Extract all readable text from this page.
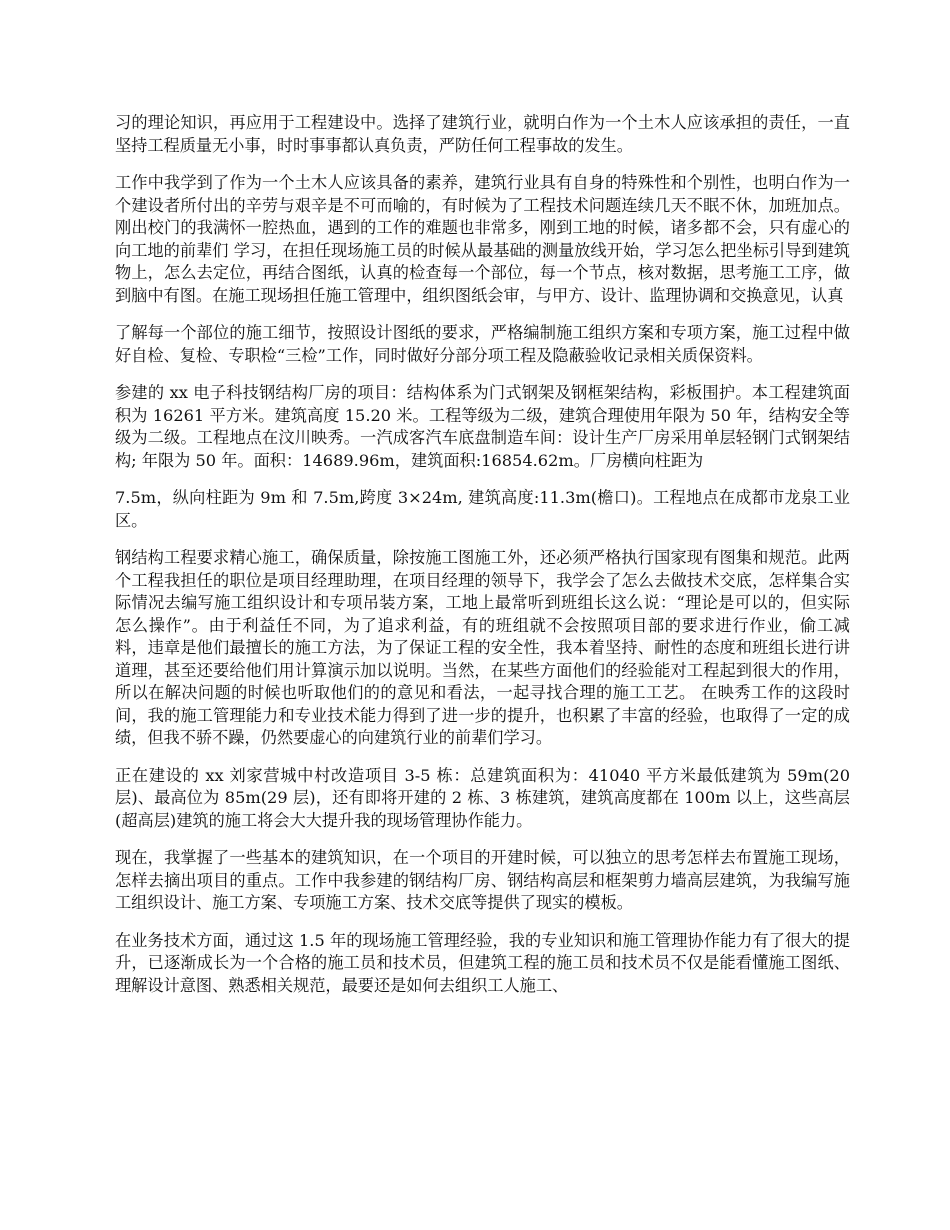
习的理论知识，再应用于工程建设中。选择了建筑行业，就明白作为一个土木人应该承担的责任，一直坚持工程质量无小事，时时事事都认真负责，严防任何工程事故的发生。

工作中我学到了作为一个土木人应该具备的素养，建筑行业具有自身的特殊性和个别性，也明白作为一个建设者所付出的辛劳与艰辛是不可而喻的，有时候为了工程技术问题连续几天不眠不休，加班加点。刚出校门的我满怀一腔热血，遇到的工作的难题也非常多，刚到工地的时候，诸多都不会，只有虚心的向工地的前辈们 学习，在担任现场施工员的时候从最基础的测量放线开始，学习怎么把坐标引导到建筑物上，怎么去定位，再结合图纸，认真的检查每一个部位，每一个节点，核对数据，思考施工工序，做到脑中有图。在施工现场担任施工管理中，组织图纸会审，与甲方、设计、监理协调和交换意见，认真

了解每一个部位的施工细节，按照设计图纸的要求，严格编制施工组织方案和专项方案，施工过程中做好自检、复检、专职检“三检”工作，同时做好分部分项工程及隐蔽验收记录相关质保资料。

参建的 xx 电子科技钢结构厂房的项目：结构体系为门式钢架及钢框架结构，彩板围护。本工程建筑面积为 16261 平方米。建筑高度 15.20 米。工程等级为二级，建筑合理使用年限为 50 年，结构安全等级为二级。工程地点在汶川映秀。一汽成客汽车底盘制造车间：设计生产厂房采用单层轻钢门式钢架结构; 年限为 50 年。面积：14689.96m，建筑面积:16854.62m。厂房横向柱距为

7.5m，纵向柱距为 9m 和 7.5m,跨度 3×24m, 建筑高度:11.3m(檐口)。工程地点在成都市龙泉工业区。

钢结构工程要求精心施工，确保质量，除按施工图施工外，还必须严格执行国家现有图集和规范。此两个工程我担任的职位是项目经理助理，在项目经理的领导下，我学会了怎么去做技术交底，怎样集合实际情况去编写施工组织设计和专项吊装方案，工地上最常听到班组长这么说：“理论是可以的，但实际怎么操作”。由于利益任不同，为了追求利益，有的班组就不会按照项目部的要求进行作业，偷工减料，违章是他们最擅长的施工方法，为了保证工程的安全性，我本着坚持、耐性的态度和班组长进行讲道理，甚至还要给他们用计算演示加以说明。当然，在某些方面他们的经验能对工程起到很大的作用，所以在解决问题的时候也听取他们的的意见和看法，一起寻找合理的施工工艺。 在映秀工作的这段时间，我的施工管理能力和专业技术能力得到了进一步的提升，也积累了丰富的经验，也取得了一定的成绩，但我不骄不躁，仍然要虚心的向建筑行业的前辈们学习。

正在建设的 xx 刘家营城中村改造项目 3-5 栋：总建筑面积为：41040 平方米最低建筑为 59m(20 层)、最高位为 85m(29 层)，还有即将开建的 2 栋、3 栋建筑，建筑高度都在 100m 以上，这些高层(超高层)建筑的施工将会大大提升我的现场管理协作能力。

现在，我掌握了一些基本的建筑知识，在一个项目的开建时候，可以独立的思考怎样去布置施工现场，怎样去摘出项目的重点。工作中我参建的钢结构厂房、钢结构高层和框架剪力墙高层建筑，为我编写施工组织设计、施工方案、专项施工方案、技术交底等提供了现实的模板。

在业务技术方面，通过这 1.5 年的现场施工管理经验，我的专业知识和施工管理协作能力有了很大的提升，已逐渐成长为一个合格的施工员和技术员，但建筑工程的施工员和技术员不仅是能看懂施工图纸、理解设计意图、熟悉相关规范，最要还是如何去组织工人施工、
